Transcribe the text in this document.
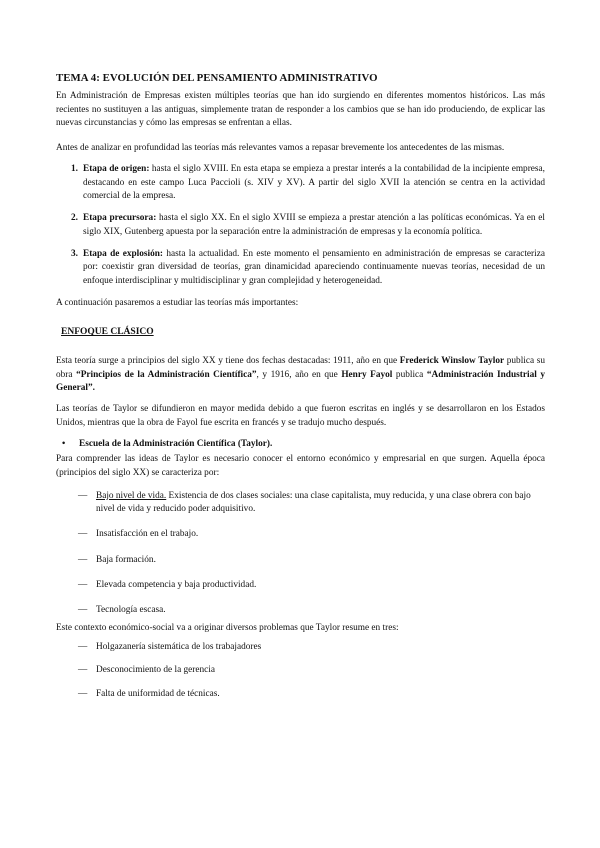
TEMA 4: EVOLUCIÓN DEL PENSAMIENTO ADMINISTRATIVO

En Administración de Empresas existen múltiples teorías que han ido surgiendo en diferentes momentos históricos. Las más recientes no sustituyen a las antiguas, simplemente tratan de responder a los cambios que se han ido produciendo, de explicar las nuevas circunstancias y cómo las empresas se enfrentan a ellas.

Antes de analizar en profundidad las teorías más relevantes vamos a repasar brevemente los antecedentes de las mismas.

1. Etapa de origen: hasta el siglo XVIII. En esta etapa se empieza a prestar interés a la contabilidad de la incipiente empresa, destacando en este campo Luca Paccioli (s. XIV y XV). A partir del siglo XVII la atención se centra en la actividad comercial de la empresa.
2. Etapa precursora: hasta el siglo XX. En el siglo XVIII se empieza a prestar atención a las políticas económicas. Ya en el siglo XIX, Gutenberg apuesta por la separación entre la administración de empresas y la economía política.
3. Etapa de explosión: hasta la actualidad. En este momento el pensamiento en administración de empresas se caracteriza por: coexistir gran diversidad de teorías, gran dinamicidad apareciendo continuamente nuevas teorías, necesidad de un enfoque interdisciplinar y multidisciplinar y gran complejidad y heterogeneidad.

A continuación pasaremos a estudiar las teorías más importantes:

ENFOQUE CLÁSICO

Esta teoría surge a principios del siglo XX y tiene dos fechas destacadas: 1911, año en que Frederick Winslow Taylor publica su obra “Principios de la Administración Científica”, y 1916, año en que Henry Fayol publica “Administración Industrial y General”.

Las teorías de Taylor se difundieron en mayor medida debido a que fueron escritas en inglés y se desarrollaron en los Estados Unidos, mientras que la obra de Fayol fue escrita en francés y se tradujo mucho después.

• Escuela de la Administración Científica (Taylor).

Para comprender las ideas de Taylor es necesario conocer el entorno económico y empresarial en que surgen. Aquella época (principios del siglo XX) se caracteriza por:

— Bajo nivel de vida. Existencia de dos clases sociales: una clase capitalista, muy reducida, y una clase obrera con bajo nivel de vida y reducido poder adquisitivo.
— Insatisfacción en el trabajo.
— Baja formación.
— Elevada competencia y baja productividad.
— Tecnología escasa.

Este contexto económico-social va a originar diversos problemas que Taylor resume en tres:

— Holgazanería sistemática de los trabajadores
— Desconocimiento de la gerencia
— Falta de uniformidad de técnicas.
